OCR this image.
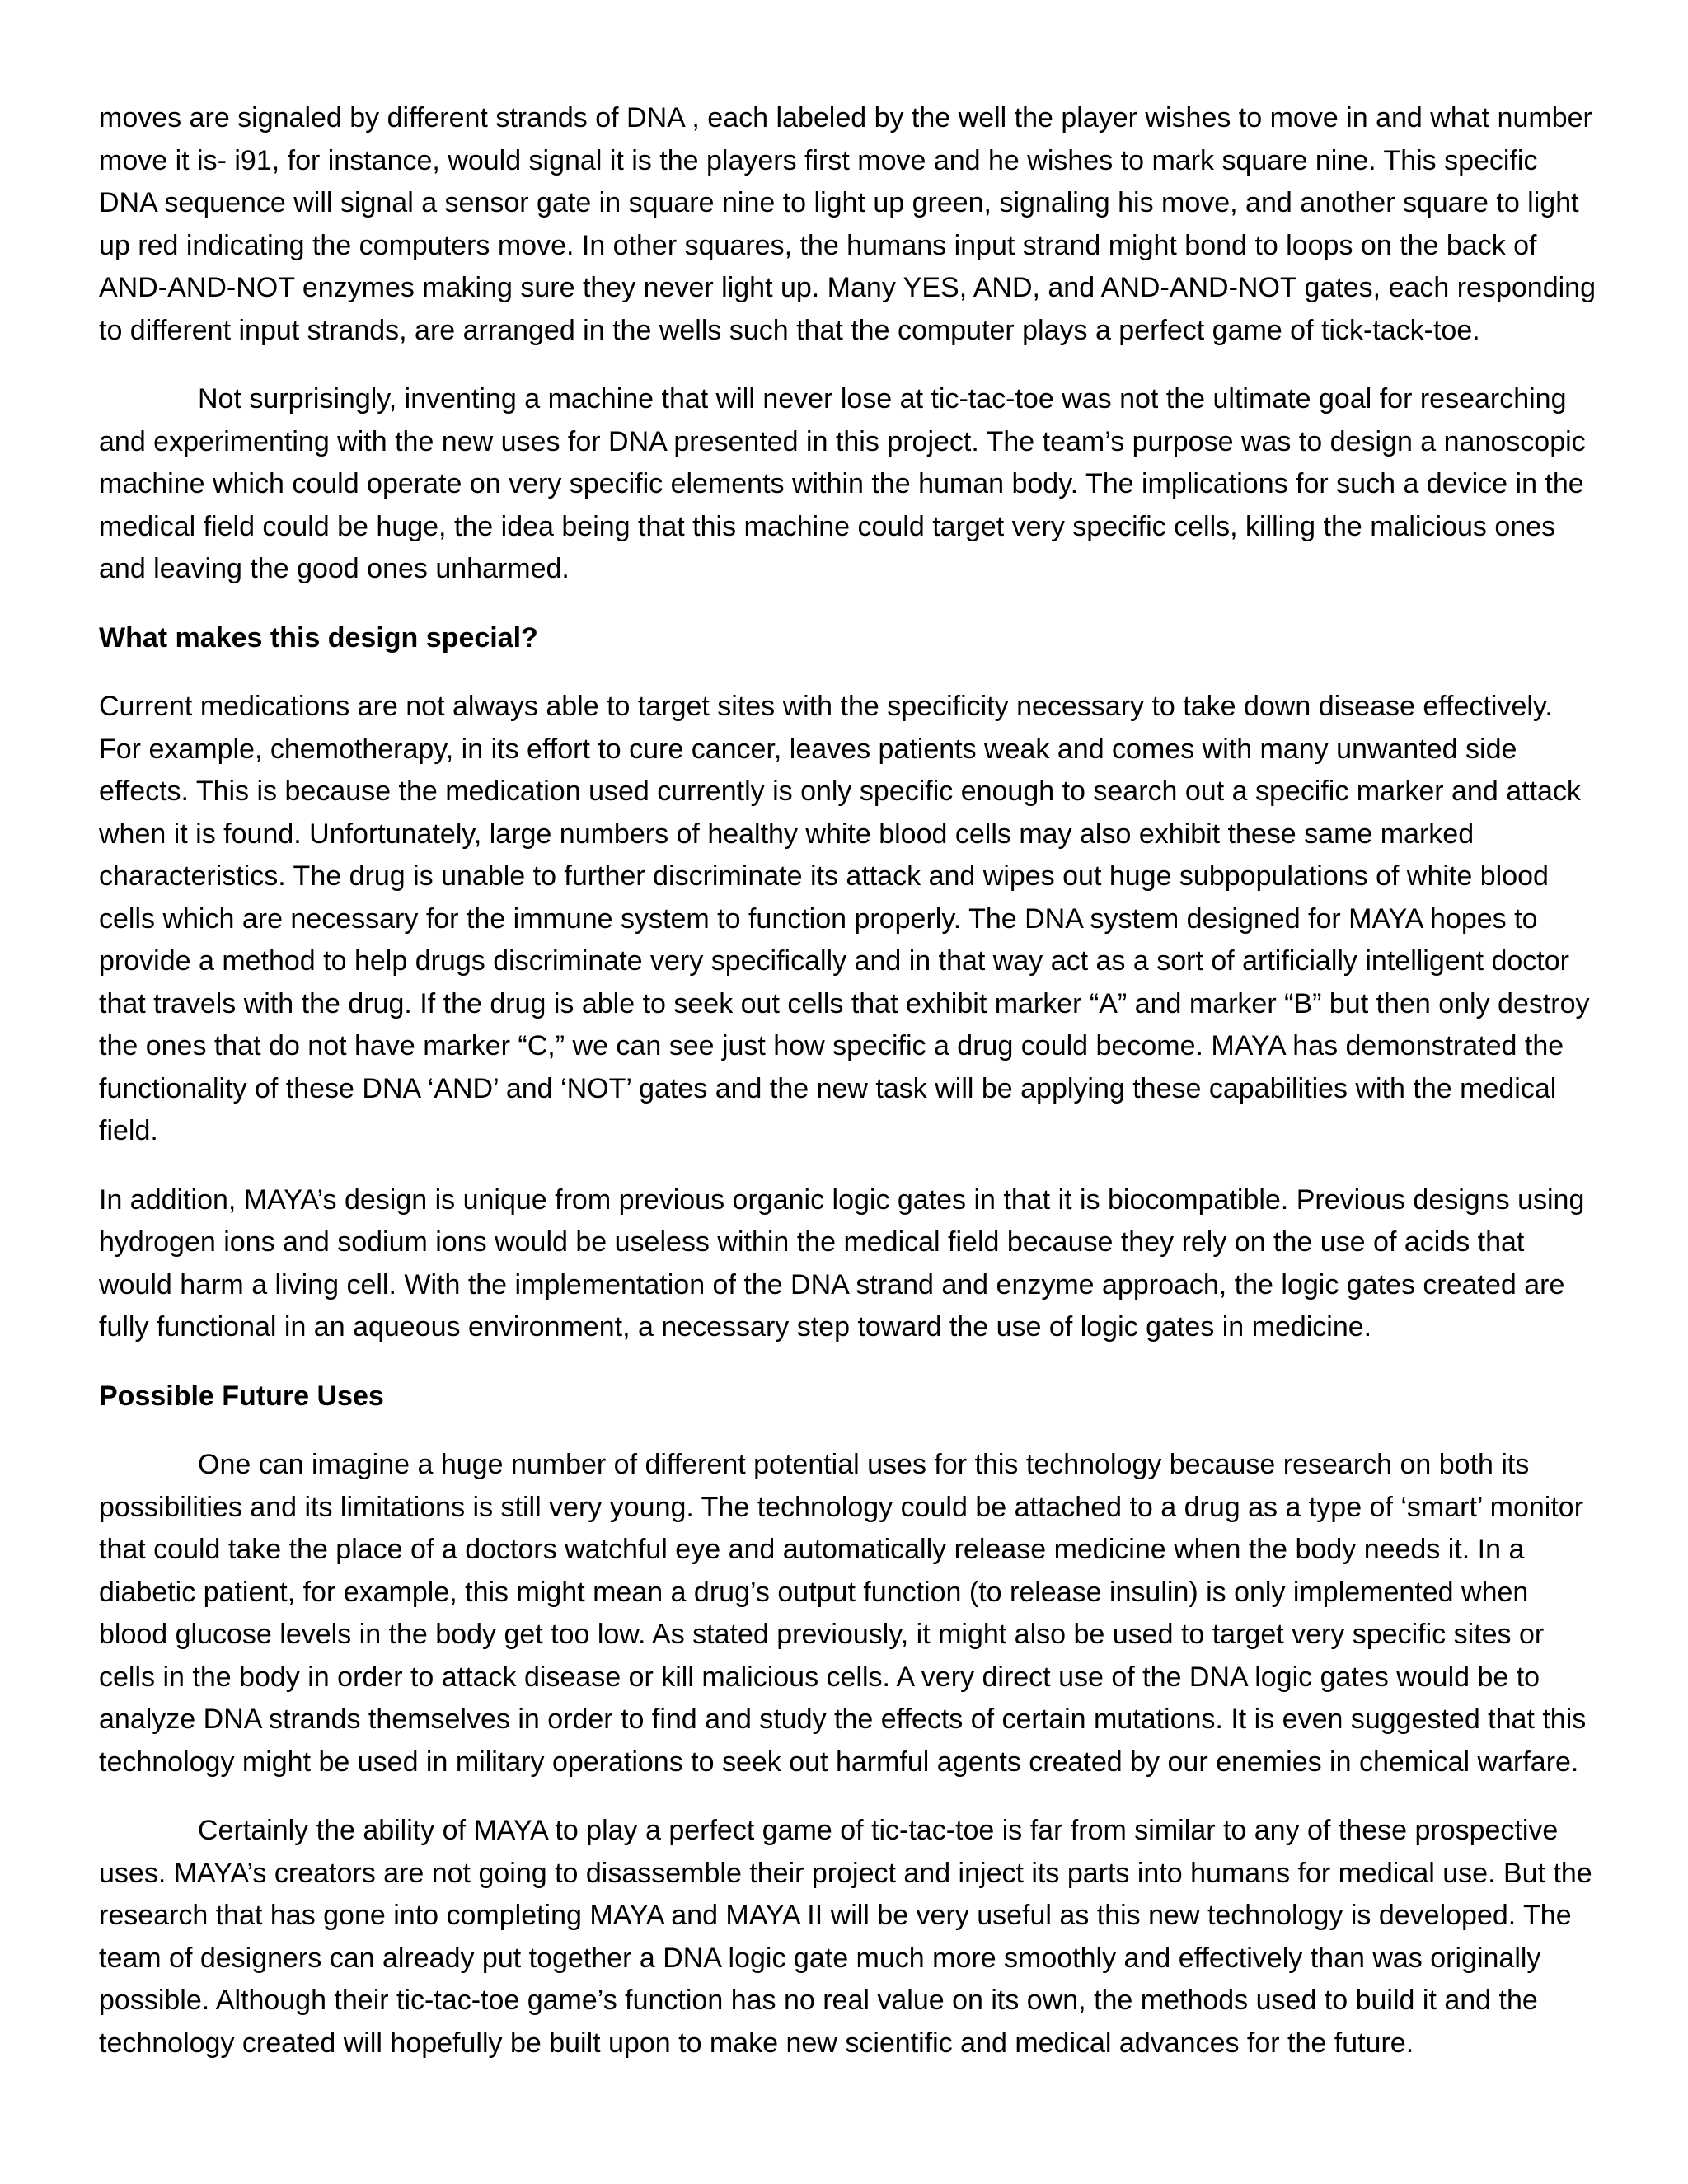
moves are signaled by different strands of DNA , each labeled by the well the player wishes to move in and what number move it is- i91, for instance, would signal it is the players first move and he wishes to mark square nine. This specific DNA sequence will signal a sensor gate in square nine to light up green, signaling his move, and another square to light up red indicating the computers move. In other squares, the humans input strand might bond to loops on the back of AND-AND-NOT enzymes making sure they never light up. Many YES, AND, and AND-AND-NOT gates, each responding to different input strands, are arranged in the wells such that the computer plays a perfect game of tick-tack-toe.

Not surprisingly, inventing a machine that will never lose at tic-tac-toe was not the ultimate goal for researching and experimenting with the new uses for DNA presented in this project. The team’s purpose was to design a nanoscopic machine which could operate on very specific elements within the human body. The implications for such a device in the medical field could be huge, the idea being that this machine could target very specific cells, killing the malicious ones and leaving the good ones unharmed.

What makes this design special?

Current medications are not always able to target sites with the specificity necessary to take down disease effectively. For example, chemotherapy, in its effort to cure cancer, leaves patients weak and comes with many unwanted side effects. This is because the medication used currently is only specific enough to search out a specific marker and attack when it is found. Unfortunately, large numbers of healthy white blood cells may also exhibit these same marked characteristics. The drug is unable to further discriminate its attack and wipes out huge subpopulations of white blood cells which are necessary for the immune system to function properly. The DNA system designed for MAYA hopes to provide a method to help drugs discriminate very specifically and in that way act as a sort of artificially intelligent doctor that travels with the drug. If the drug is able to seek out cells that exhibit marker “A” and marker “B” but then only destroy the ones that do not have marker “C,” we can see just how specific a drug could become. MAYA has demonstrated the functionality of these DNA ‘AND’ and ‘NOT’ gates and the new task will be applying these capabilities with the medical field.

In addition, MAYA’s design is unique from previous organic logic gates in that it is biocompatible. Previous designs using hydrogen ions and sodium ions would be useless within the medical field because they rely on the use of acids that would harm a living cell. With the implementation of the DNA strand and enzyme approach, the logic gates created are fully functional in an aqueous environment, a necessary step toward the use of logic gates in medicine.

Possible Future Uses

One can imagine a huge number of different potential uses for this technology because research on both its possibilities and its limitations is still very young. The technology could be attached to a drug as a type of ‘smart’ monitor that could take the place of a doctors watchful eye and automatically release medicine when the body needs it. In a diabetic patient, for example, this might mean a drug’s output function (to release insulin) is only implemented when blood glucose levels in the body get too low. As stated previously, it might also be used to target very specific sites or cells in the body in order to attack disease or kill malicious cells. A very direct use of the DNA logic gates would be to analyze DNA strands themselves in order to find and study the effects of certain mutations. It is even suggested that this technology might be used in military operations to seek out harmful agents created by our enemies in chemical warfare.

Certainly the ability of MAYA to play a perfect game of tic-tac-toe is far from similar to any of these prospective uses. MAYA’s creators are not going to disassemble their project and inject its parts into humans for medical use. But the research that has gone into completing MAYA and MAYA II will be very useful as this new technology is developed. The team of designers can already put together a DNA logic gate much more smoothly and effectively than was originally possible. Although their tic-tac-toe game’s function has no real value on its own, the methods used to build it and the technology created will hopefully be built upon to make new scientific and medical advances for the future.
